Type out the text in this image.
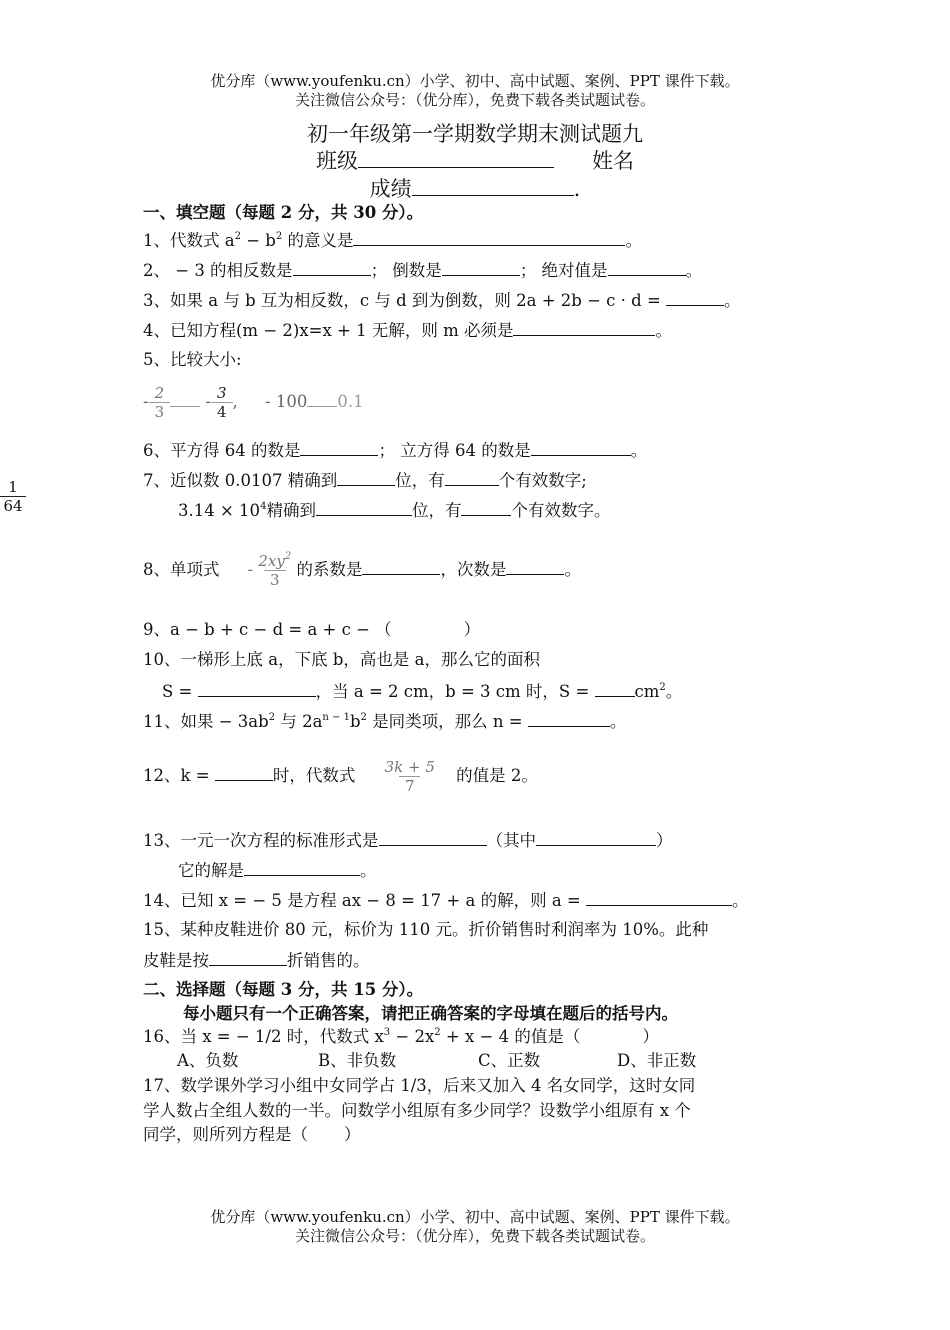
优分库（www.youfenku.cn）小学、初中、高中试题、案例、PPT 课件下载。
关注微信公众号：（优分库），免费下载各类试题试卷。
初一年级第一学期数学期末测试题九
班级	姓名
成绩	.
1
64
一、填空题（每题 2 分，共 30 分）。
1、代数式 $a^2 - b^2$ 的意义是	。
2、 − 3 的相反数是	； 倒数是	； 绝对值是	。
3、如果 a 与 b 互为相反数，c 与 d 到为倒数，则 2a + 2b − c · d =	。
4、已知方程(m − 2)x=x + 1 无解，则 m 必须是	。
5、比较大小:
- $\frac{2}{3} - \frac{3}{4}$ , - 100 0.1
6、平方得 64 的数是	； 立方得 64 的数是	。
7、近似数 0.0107 精确到	位，有	个有效数字;
$3.14 \times 10^4$精确到	位，有	个有效数字。
8、单项式 - $\frac{2xy^2}{3}$ 的系数是	，次数是	。
9、a − b + c − d = a + c − （	）
10、一梯形上底 a，下底 b，高也是 a，那么它的面积
S =	，当 a = 2 cm，b = 3 cm 时，S =	$cm^2$。
11、如果 − $3ab^2$ 与 $2a^{n - 1}b^2$ 是同类项，那么 n =	。
12、k =	时，代数式 $\frac{3k + 5}{7}$ 的值是 2。
13、一元一次方程的标准形式是	（其中	）
它的解是	。
14、已知 x = − 5 是方程 ax − 8 = 17 + a 的解，则 a =	。
15、某种皮鞋进价 80 元，标价为 110 元。折价销售时利润率为 10%。此种
皮鞋是按	折销售的。
二、选择题（每题 3 分，共 15 分）。
每小题只有一个正确答案，请把正确答案的字母填在题后的括号内。
16、当 x = − 1/2 时，代数式 $x^3 - 2x^2 + x - 4$ 的值是（	）
A、负数	B、非负数	C、正数	D、非正数
17、数学课外学习小组中女同学占 1/3，后来又加入 4 名女同学，这时女同
学人数占全组人数的一半。问数学小组原有多少同学？设数学小组原有 x 个
同学，则所列方程是（ ）
优分库（www.youfenku.cn）小学、初中、高中试题、案例、PPT 课件下载。
关注微信公众号：（优分库），免费下载各类试题试卷。
